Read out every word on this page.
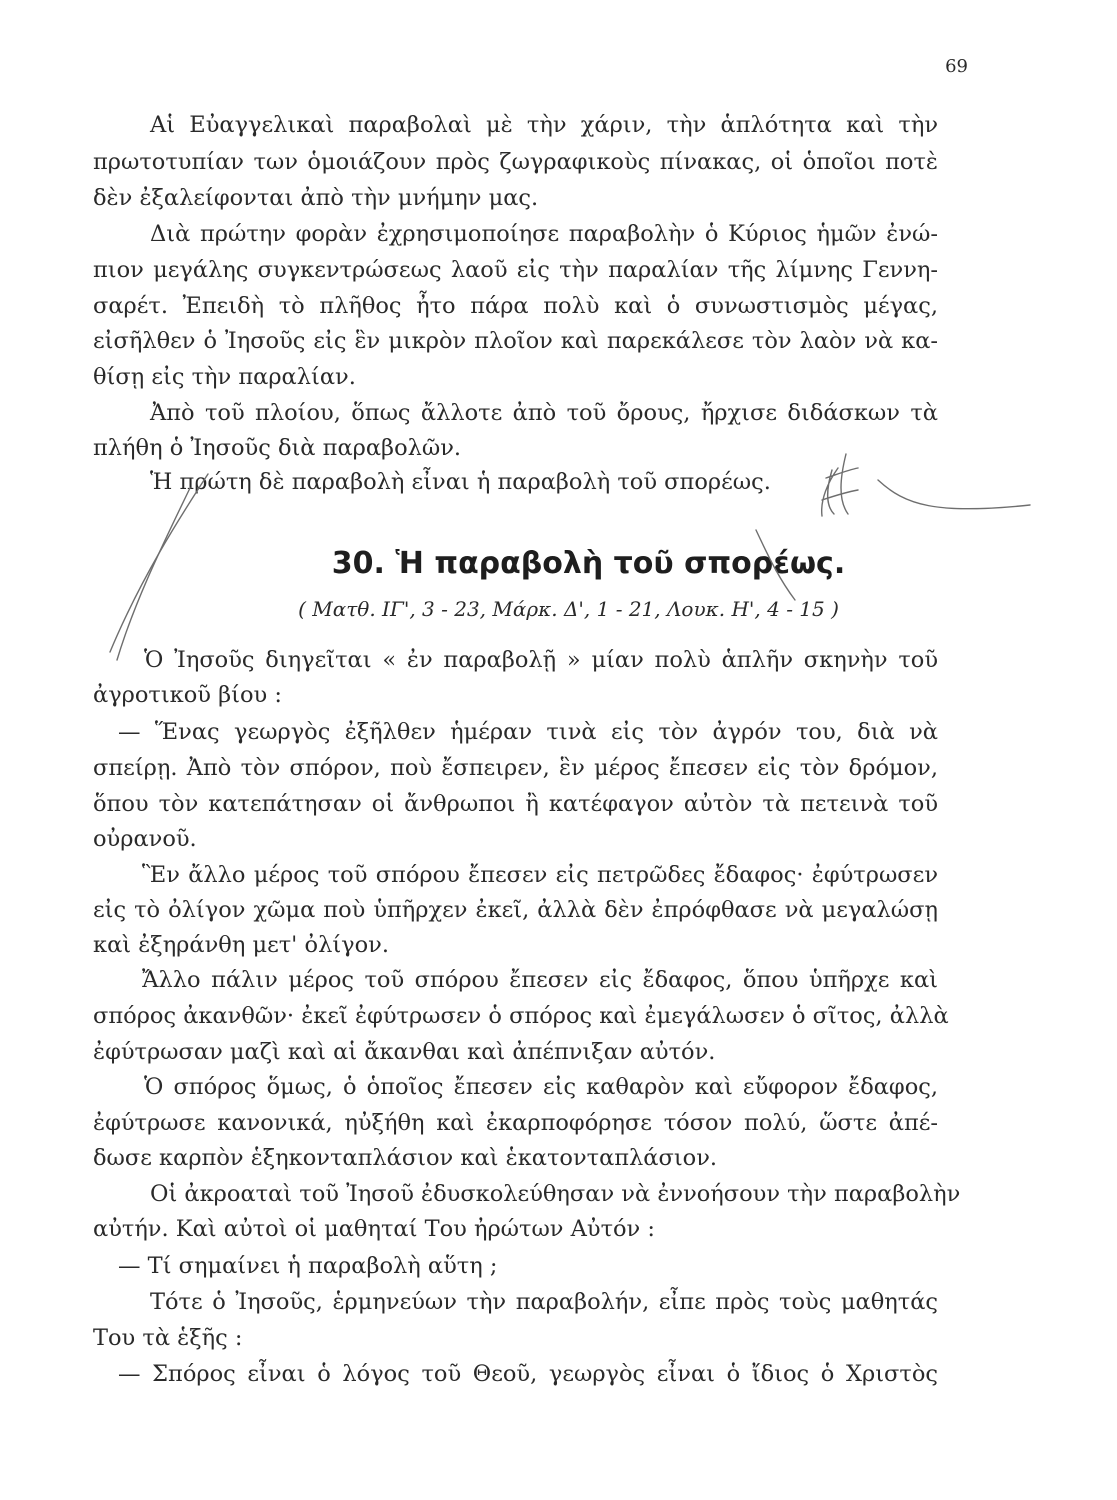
69
Αἱ Εὐαγγελικαὶ παραβολαὶ μὲ τὴν χάριν, τὴν ἁπλότητα καὶ τὴν
πρωτοτυπίαν των ὁμοιάζουν πρὸς ζωγραφικοὺς πίνακας, οἱ ὁποῖοι ποτὲ
δὲν ἐξαλείφονται ἀπὸ τὴν μνήμην μας.
Διὰ πρώτην φορὰν ἐχρησιμοποίησε παραβολὴν ὁ Κύριος ἡμῶν ἐνώ-
πιον μεγάλης συγκεντρώσεως λαοῦ εἰς τὴν παραλίαν τῆς λίμνης Γεννη-
σαρέτ. Ἐπειδὴ τὸ πλῆθος ἦτο πάρα πολὺ καὶ ὁ συνωστισμὸς μέγας,
εἰσῆλθεν ὁ Ἰησοῦς εἰς ἓν μικρὸν πλοῖον καὶ παρεκάλεσε τὸν λαὸν νὰ κα-
θίσῃ εἰς τὴν παραλίαν.
Ἀπὸ τοῦ πλοίου, ὅπως ἄλλοτε ἀπὸ τοῦ ὄρους, ἤρχισε διδάσκων τὰ
πλήθη ὁ Ἰησοῦς διὰ παραβολῶν.
Ἡ πρώτη δὲ παραβολὴ εἶναι ἡ παραβολὴ τοῦ σπορέως.
30. Ἡ παραβολὴ τοῦ σπορέως.
( Ματθ. ΙΓ', 3 - 23, Μάρκ. Δ', 1 - 21, Λουκ. Η', 4 - 15 )
Ὁ Ἰησοῦς διηγεῖται « ἐν παραβολῇ » μίαν πολὺ ἁπλῆν σκηνὴν τοῦ
ἀγροτικοῦ βίου :
— Ἕνας γεωργὸς ἐξῆλθεν ἡμέραν τινὰ εἰς τὸν ἀγρόν του, διὰ νὰ
σπείρῃ. Ἀπὸ τὸν σπόρον, ποὺ ἔσπειρεν, ἓν μέρος ἔπεσεν εἰς τὸν δρόμον,
ὅπου τὸν κατεπάτησαν οἱ ἄνθρωποι ἢ κατέφαγον αὐτὸν τὰ πετεινὰ τοῦ
οὐρανοῦ.
Ἓν ἄλλο μέρος τοῦ σπόρου ἔπεσεν εἰς πετρῶδες ἔδαφος· ἐφύτρωσεν
εἰς τὸ ὀλίγον χῶμα ποὺ ὑπῆρχεν ἐκεῖ, ἀλλὰ δὲν ἐπρόφθασε νὰ μεγαλώσῃ
καὶ ἐξηράνθη μετ' ὀλίγον.
Ἄλλο πάλιν μέρος τοῦ σπόρου ἔπεσεν εἰς ἔδαφος, ὅπου ὑπῆρχε καὶ
σπόρος ἀκανθῶν· ἐκεῖ ἐφύτρωσεν ὁ σπόρος καὶ ἐμεγάλωσεν ὁ σῖτος, ἀλλὰ
ἐφύτρωσαν μαζὶ καὶ αἱ ἄκανθαι καὶ ἀπέπνιξαν αὐτόν.
Ὁ σπόρος ὅμως, ὁ ὁποῖος ἔπεσεν εἰς καθαρὸν καὶ εὔφορον ἔδαφος,
ἐφύτρωσε κανονικά, ηὐξήθη καὶ ἐκαρποφόρησε τόσον πολύ, ὥστε ἀπέ-
δωσε καρπὸν ἑξηκονταπλάσιον καὶ ἑκατονταπλάσιον.
Οἱ ἀκροαταὶ τοῦ Ἰησοῦ ἐδυσκολεύθησαν νὰ ἐννοήσουν τὴν παραβολὴν
αὐτήν. Καὶ αὐτοὶ οἱ μαθηταί Του ἠρώτων Αὐτόν :
— Τί σημαίνει ἡ παραβολὴ αὕτη ;
Τότε ὁ Ἰησοῦς, ἑρμηνεύων τὴν παραβολήν, εἶπε πρὸς τοὺς μαθητάς
Του τὰ ἑξῆς :
— Σπόρος εἶναι ὁ λόγος τοῦ Θεοῦ, γεωργὸς εἶναι ὁ ἴδιος ὁ Χριστὸς
